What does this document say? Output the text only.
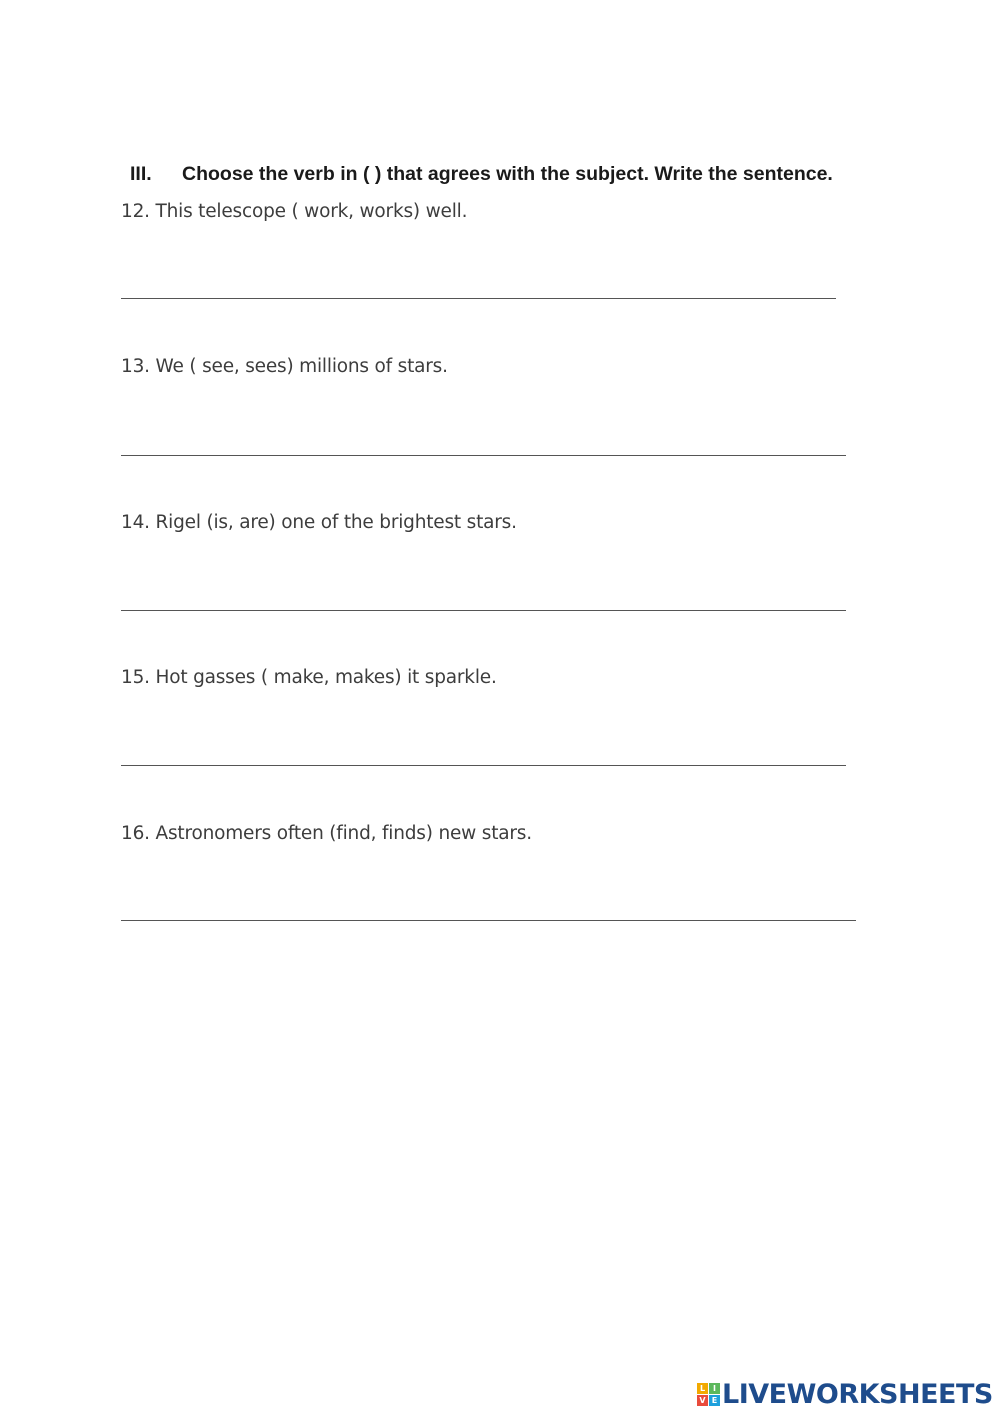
III. Choose the verb in ( ) that agrees with the subject. Write the sentence.
12. This telescope ( work, works) well.
13. We ( see, sees) millions of stars.
14. Rigel (is, are) one of the brightest stars.
15. Hot gasses ( make, makes) it sparkle.
16. Astronomers often (find, finds) new stars.
L I
V E LIVEWORKSHEETS
